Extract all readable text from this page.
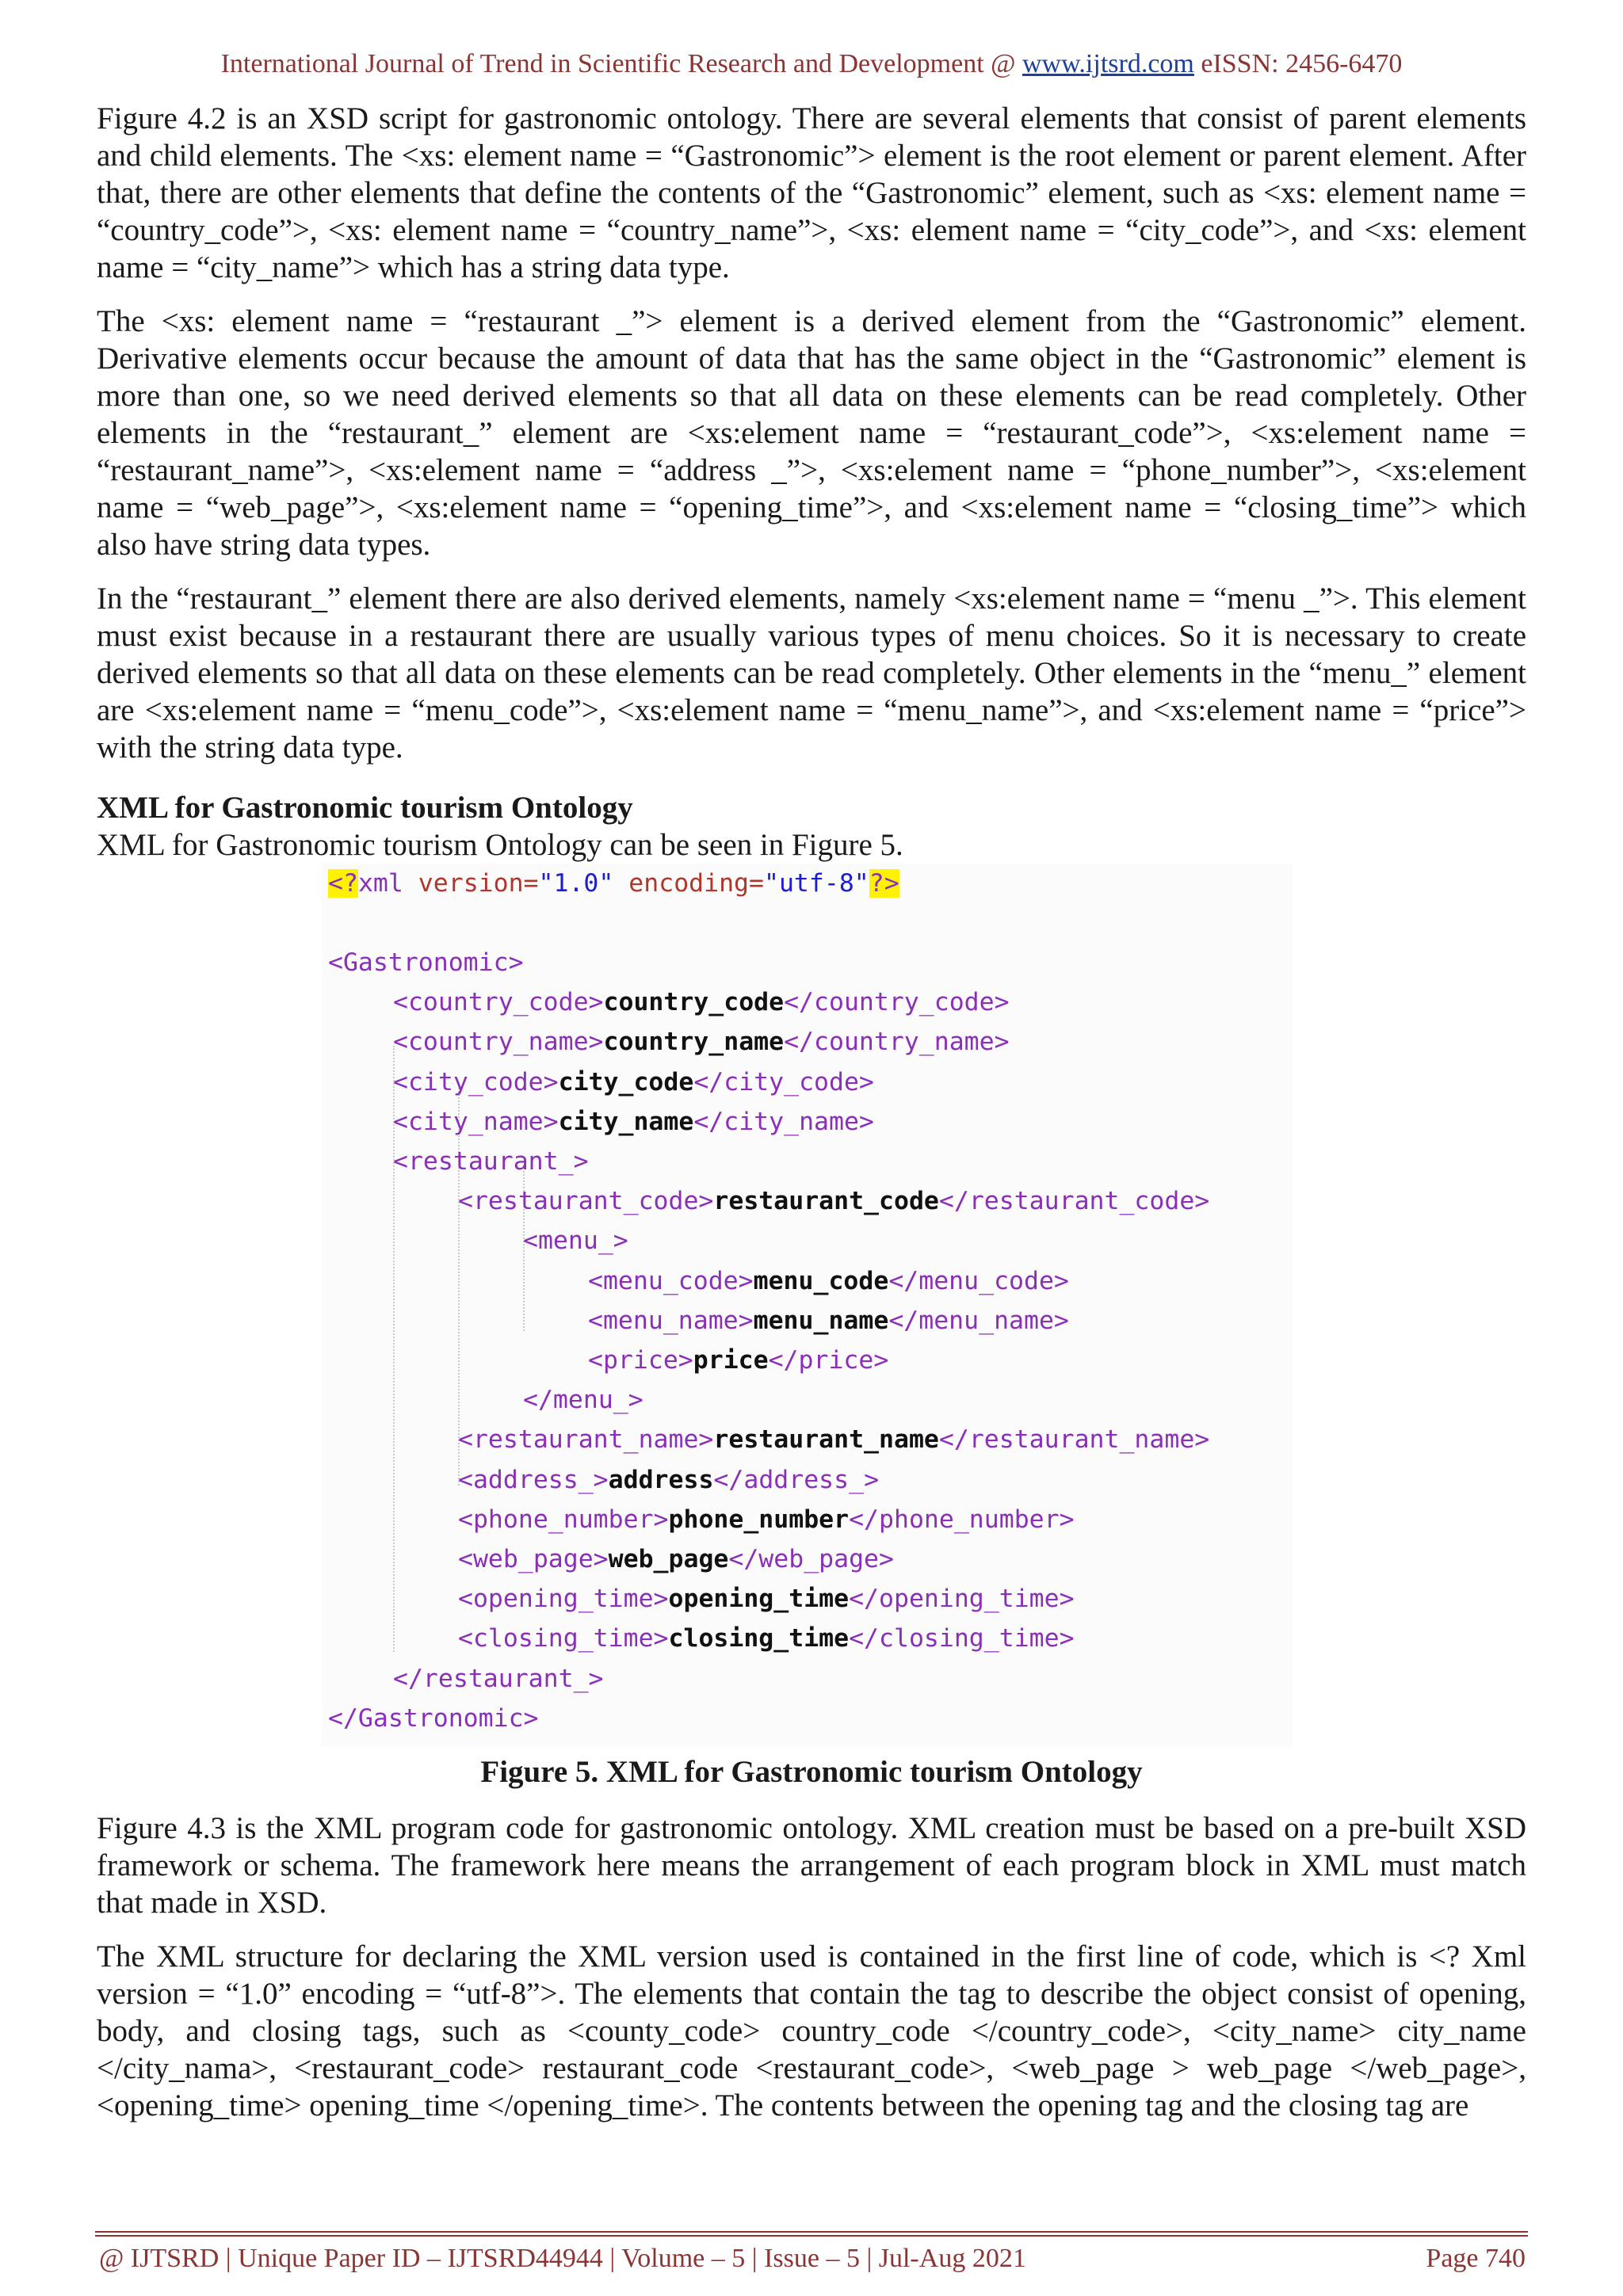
International Journal of Trend in Scientific Research and Development @ www.ijtsrd.com eISSN: 2456-6470

Figure 4.2 is an XSD script for gastronomic ontology. There are several elements that consist of parent elements and child elements. The <xs: element name = “Gastronomic”> element is the root element or parent element. After that, there are other elements that define the contents of the “Gastronomic” element, such as <xs: element name = “country_code”>, <xs: element name = “country_name”>, <xs: element name = “city_code”>, and <xs: element name = “city_name”> which has a string data type.

The <xs: element name = “restaurant _”> element is a derived element from the “Gastronomic” element. Derivative elements occur because the amount of data that has the same object in the “Gastronomic” element is more than one, so we need derived elements so that all data on these elements can be read completely. Other elements in the “restaurant_” element are <xs:element name = “restaurant_code”>, <xs:element name = “restaurant_name”>, <xs:element name = “address _”>, <xs:element name = “phone_number”>, <xs:element name = “web_page”>, <xs:element name = “opening_time”>, and <xs:element name = “closing_time”> which also have string data types.

In the “restaurant_” element there are also derived elements, namely <xs:element name = “menu _”>. This element must exist because in a restaurant there are usually various types of menu choices. So it is necessary to create derived elements so that all data on these elements can be read completely. Other elements in the “menu_” element are <xs:element name = “menu_code”>, <xs:element name = “menu_name”>, and <xs:element name = “price”> with the string data type.

XML for Gastronomic tourism Ontology
XML for Gastronomic tourism Ontology can be seen in Figure 5.
<?xml version="1.0" encoding="utf-8"?>
<Gastronomic>
<country_code>country_code</country_code>
<country_name>country_name</country_name>
<city_code>city_code</city_code>
<city_name>city_name</city_name>
<restaurant_>
<restaurant_code>restaurant_code</restaurant_code>
<menu_>
<menu_code>menu_code</menu_code>
<menu_name>menu_name</menu_name>
<price>price</price>
</menu_>
<restaurant_name>restaurant_name</restaurant_name>
<address_>address</address_>
<phone_number>phone_number</phone_number>
<web_page>web_page</web_page>
<opening_time>opening_time</opening_time>
<closing_time>closing_time</closing_time>
</restaurant_>
</Gastronomic>
Figure 5. XML for Gastronomic tourism Ontology

Figure 4.3 is the XML program code for gastronomic ontology. XML creation must be based on a pre-built XSD framework or schema. The framework here means the arrangement of each program block in XML must match that made in XSD.

The XML structure for declaring the XML version used is contained in the first line of code, which is <? Xml version = “1.0” encoding = “utf-8”>. The elements that contain the tag to describe the object consist of opening, body, and closing tags, such as <county_code> country_code </country_code>, <city_name> city_name </city_nama>, <restaurant_code> restaurant_code <restaurant_code>, <web_page > web_page </web_page>, <opening_time> opening_time </opening_time>. The contents between the opening tag and the closing tag are

@ IJTSRD | Unique Paper ID – IJTSRD44944 | Volume – 5 | Issue – 5 | Jul-Aug 2021	Page 740
